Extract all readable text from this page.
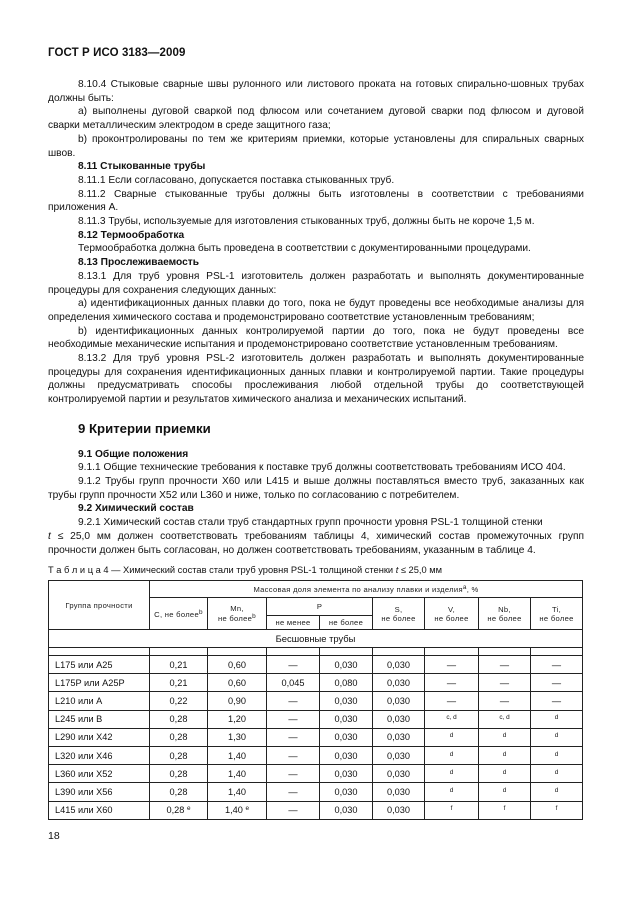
ГОСТ Р ИСО 3183—2009

8.10.4 Стыковые сварные швы рулонного или листового проката на готовых спирально-шовных трубах должны быть:

a) выполнены дуговой сваркой под флюсом или сочетанием дуговой сварки под флюсом и дуговой сварки металлическим электродом в среде защитного газа;

b) проконтролированы по тем же критериям приемки, которые установлены для спиральных сварных швов.

8.11 Стыкованные трубы

8.11.1 Если согласовано, допускается поставка стыкованных труб.

8.11.2 Сварные стыкованные трубы должны быть изготовлены в соответствии с требованиями приложения А.

8.11.3 Трубы, используемые для изготовления стыкованных труб, должны быть не короче 1,5 м.

8.12 Термообработка

Термообработка должна быть проведена в соответствии с документированными процедурами.

8.13 Прослеживаемость

8.13.1 Для труб уровня PSL-1 изготовитель должен разработать и выполнять документированные процедуры для сохранения следующих данных:

a) идентификационных данных плавки до того, пока не будут проведены все необходимые анализы для определения химического состава и продемонстрировано соответствие установленным требованиям;

b) идентификационных данных контролируемой партии до того, пока не будут проведены все необходимые механические испытания и продемонстрировано соответствие установленным требованиям.

8.13.2 Для труб уровня PSL-2 изготовитель должен разработать и выполнять документированные процедуры для сохранения идентификационных данных плавки и контролируемой партии. Такие процедуры должны предусматривать способы прослеживания любой отдельной трубы до соответствующей контролируемой партии и результатов химического анализа и механических испытаний.

9 Критерии приемки

9.1 Общие положения

9.1.1 Общие технические требования к поставке труб должны соответствовать требованиям ИСО 404.

9.1.2 Трубы групп прочности Х60 или L415 и выше должны поставляться вместо труб, заказанных как трубы групп прочности Х52 или L360 и ниже, только по согласованию с потребителем.

9.2 Химический состав

9.2.1 Химический состав стали труб стандартных групп прочности уровня PSL-1 толщиной стенки

t ≤ 25,0 мм должен соответствовать требованиям таблицы 4, химический состав промежуточных групп прочности должен быть согласован, но должен соответствовать требованиям, указанным в таблице 4.

Т а б л и ц а 4 — Химический состав стали труб уровня PSL-1 толщиной стенки t ≤ 25,0 мм
Группа прочности	Массовая доля элемента по анализу плавки и изделия$^a$, %							
	C, не более$^b$	Mn,
не более$^b$	P		S,
не более	V,
не более	Nb,
не более	Ti,
не более
			не менее	не более				
Бесшовные трубы								

L175 или А25	0,21	0,60	—	0,030	0,030	—	—	—
L175P или А25P	0,21	0,60	0,045	0,080	0,030	—	—	—
L210 или А	0,22	0,90	—	0,030	0,030	—	—	—
L245 или В	0,28	1,20	—	0,030	0,030	$^{c, d}$	$^{c, d}$	$^d$
L290 или Х42	0,28	1,30	—	0,030	0,030	$^d$	$^d$	$^d$
L320 или Х46	0,28	1,40	—	0,030	0,030	$^d$	$^d$	$^d$
L360 или Х52	0,28	1,40	—	0,030	0,030	$^d$	$^d$	$^d$
L390 или Х56	0,28	1,40	—	0,030	0,030	$^d$	$^d$	$^d$
L415 или Х60	0,28 $^e$	1,40 $^e$	—	0,030	0,030	$^f$	$^f$	$^f$
18
